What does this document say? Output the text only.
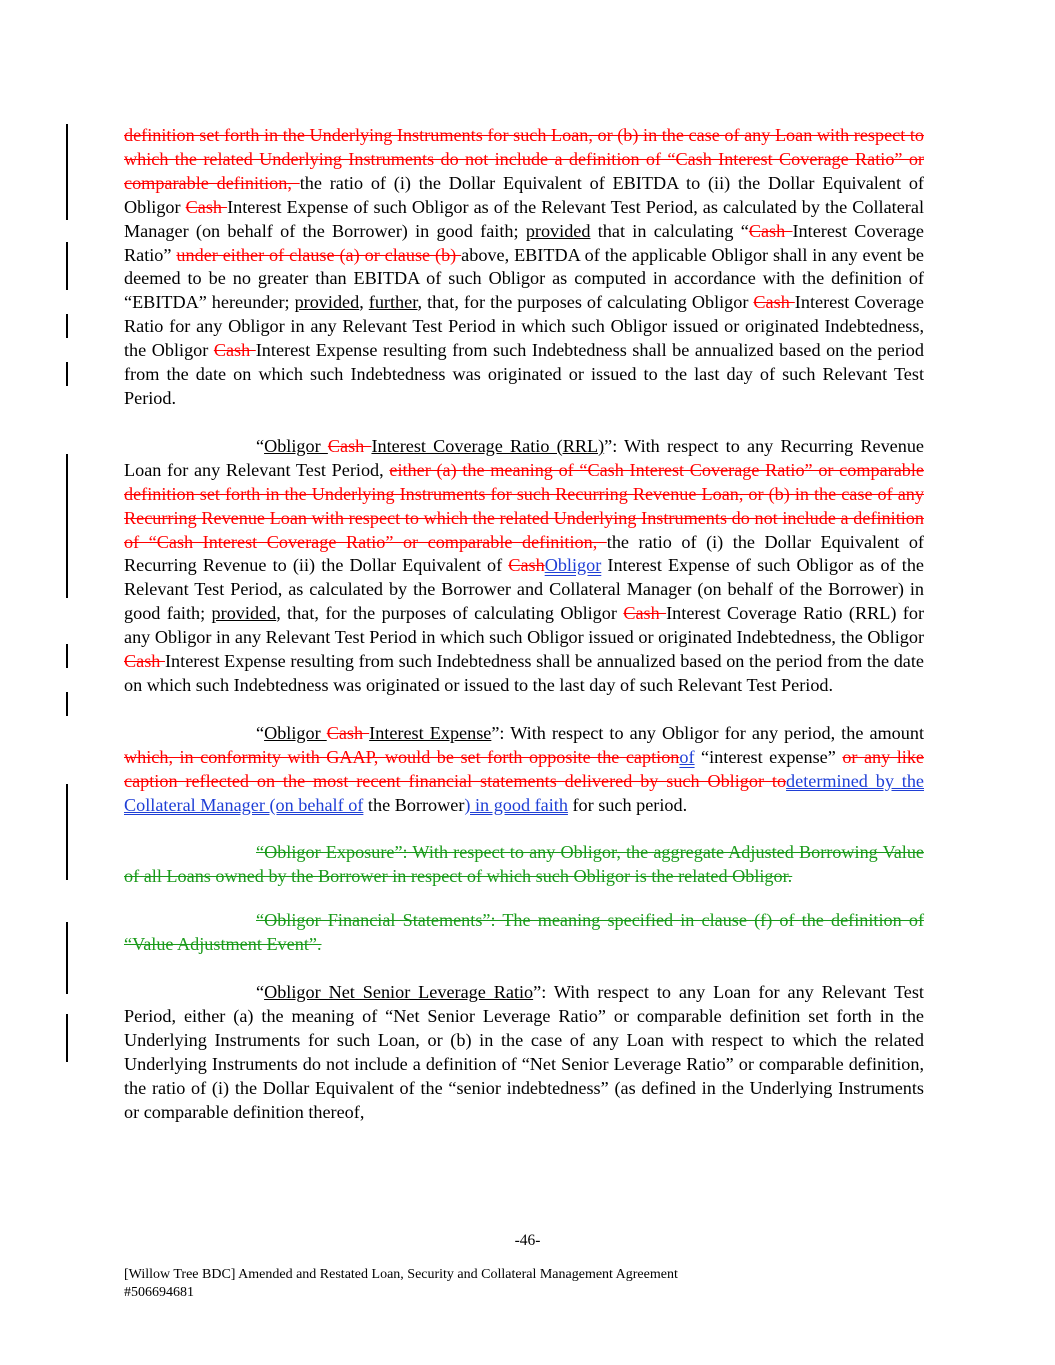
definition set forth in the Underlying Instruments for such Loan, or (b) in the case of any Loan with respect to which the related Underlying Instruments do not include a definition of “Cash Interest Coverage Ratio” or comparable definition, the ratio of (i) the Dollar Equivalent of EBITDA to (ii) the Dollar Equivalent of Obligor Cash Interest Expense of such Obligor as of the Relevant Test Period, as calculated by the Collateral Manager (on behalf of the Borrower) in good faith; provided that in calculating “Cash Interest Coverage Ratio” under either of clause (a) or clause (b) above, EBITDA of the applicable Obligor shall in any event be deemed to be no greater than EBITDA of such Obligor as computed in accordance with the definition of “EBITDA” hereunder; provided, further, that, for the purposes of calculating Obligor Cash Interest Coverage Ratio for any Obligor in any Relevant Test Period in which such Obligor issued or originated Indebtedness, the Obligor Cash Interest Expense resulting from such Indebtedness shall be annualized based on the period from the date on which such Indebtedness was originated or issued to the last day of such Relevant Test Period.

“Obligor Cash Interest Coverage Ratio (RRL)”: With respect to any Recurring Revenue Loan for any Relevant Test Period, either (a) the meaning of “Cash Interest Coverage Ratio” or comparable definition set forth in the Underlying Instruments for such Recurring Revenue Loan, or (b) in the case of any Recurring Revenue Loan with respect to which the related Underlying Instruments do not include a definition of “Cash Interest Coverage Ratio” or comparable definition, the ratio of (i) the Dollar Equivalent of Recurring Revenue to (ii) the Dollar Equivalent of CashObligor Interest Expense of such Obligor as of the Relevant Test Period, as calculated by the Borrower and Collateral Manager (on behalf of the Borrower) in good faith; provided, that, for the purposes of calculating Obligor Cash Interest Coverage Ratio (RRL) for any Obligor in any Relevant Test Period in which such Obligor issued or originated Indebtedness, the Obligor Cash Interest Expense resulting from such Indebtedness shall be annualized based on the period from the date on which such Indebtedness was originated or issued to the last day of such Relevant Test Period.

“Obligor Cash Interest Expense”: With respect to any Obligor for any period, the amount which, in conformity with GAAP, would be set forth opposite the captionof “interest expense” or any like caption reflected on the most recent financial statements delivered by such Obligor todetermined by the Collateral Manager (on behalf of the Borrower) in good faith for such period.

“Obligor Exposure”: With respect to any Obligor, the aggregate Adjusted Borrowing Value of all Loans owned by the Borrower in respect of which such Obligor is the related Obligor.

“Obligor Financial Statements”: The meaning specified in clause (f) of the definition of “Value Adjustment Event”.

“Obligor Net Senior Leverage Ratio”: With respect to any Loan for any Relevant Test Period, either (a) the meaning of “Net Senior Leverage Ratio” or comparable definition set forth in the Underlying Instruments for such Loan, or (b) in the case of any Loan with respect to which the related Underlying Instruments do not include a definition of “Net Senior Leverage Ratio” or comparable definition, the ratio of (i) the Dollar Equivalent of the “senior indebtedness” (as defined in the Underlying Instruments or comparable definition thereof,

-46-
[Willow Tree BDC] Amended and Restated Loan, Security and Collateral Management Agreement
#506694681
